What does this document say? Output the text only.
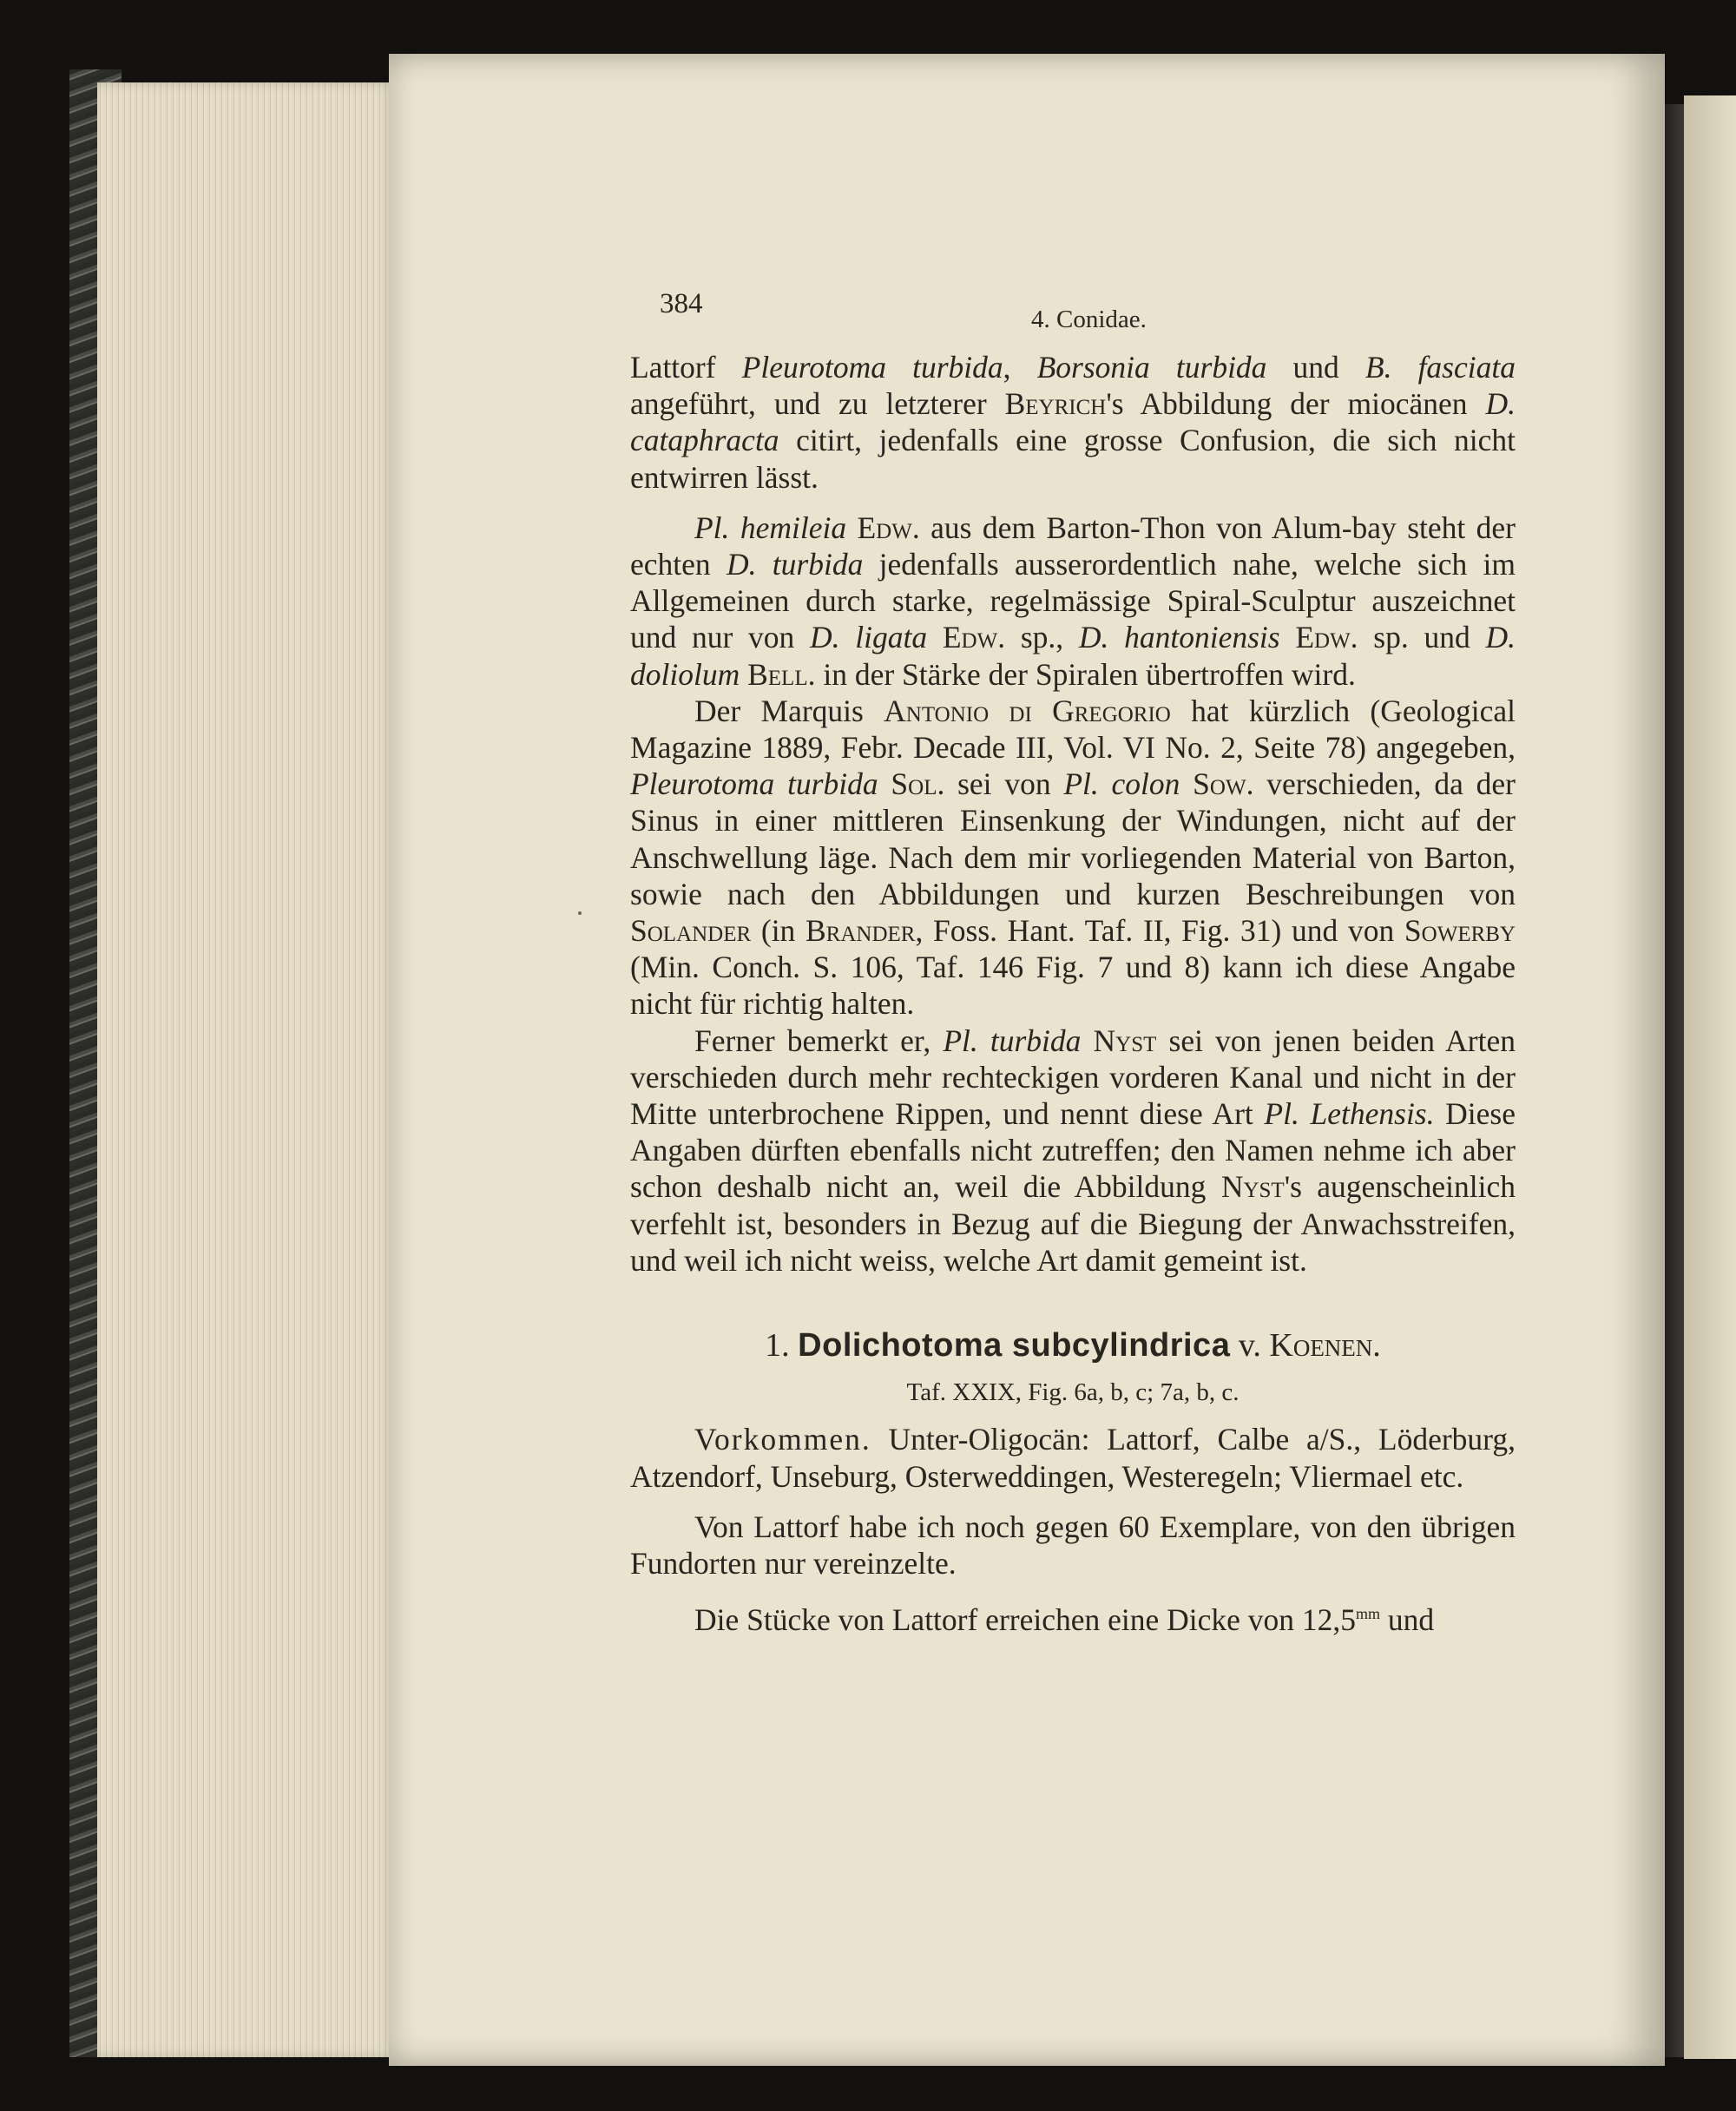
384	4. Conidae.

Lattorf Pleurotoma turbida, Borsonia turbida und B. fasciata angeführt, und zu letzterer Beyrich's Abbildung der miocänen D. cataphracta citirt, jedenfalls eine grosse Confusion, die sich nicht entwirren lässt.

Pl. hemileia Edw. aus dem Barton-Thon von Alum-bay steht der echten D. turbida jedenfalls ausserordentlich nahe, welche sich im Allgemeinen durch starke, regelmässige Spiral-Sculptur auszeichnet und nur von D. ligata Edw. sp., D. hantoniensis Edw. sp. und D. doliolum Bell. in der Stärke der Spiralen übertroffen wird.

Der Marquis Antonio di Gregorio hat kürzlich (Geological Magazine 1889, Febr. Decade III, Vol. VI No. 2, Seite 78) angegeben, Pleurotoma turbida Sol. sei von Pl. colon Sow. verschieden, da der Sinus in einer mittleren Einsenkung der Windungen, nicht auf der Anschwellung läge. Nach dem mir vorliegenden Material von Barton, sowie nach den Abbildungen und kurzen Beschreibungen von Solander (in Brander, Foss. Hant. Taf. II, Fig. 31) und von Sowerby (Min. Conch. S. 106, Taf. 146 Fig. 7 und 8) kann ich diese Angabe nicht für richtig halten.

Ferner bemerkt er, Pl. turbida Nyst sei von jenen beiden Arten verschieden durch mehr rechteckigen vorderen Kanal und nicht in der Mitte unterbrochene Rippen, und nennt diese Art Pl. Lethensis. Diese Angaben dürften ebenfalls nicht zutreffen; den Namen nehme ich aber schon deshalb nicht an, weil die Abbildung Nyst's augenscheinlich verfehlt ist, besonders in Bezug auf die Biegung der Anwachsstreifen, und weil ich nicht weiss, welche Art damit gemeint ist.

1. Dolichotoma subcylindrica v. Koenen.
Taf. XXIX, Fig. 6a, b, c; 7a, b, c.

Vorkommen. Unter-Oligocän: Lattorf, Calbe a/S., Löderburg, Atzendorf, Unseburg, Osterweddingen, Westeregeln; Vliermael etc.

Von Lattorf habe ich noch gegen 60 Exemplare, von den übrigen Fundorten nur vereinzelte.

Die Stücke von Lattorf erreichen eine Dicke von $12,5^{mm}$ und
